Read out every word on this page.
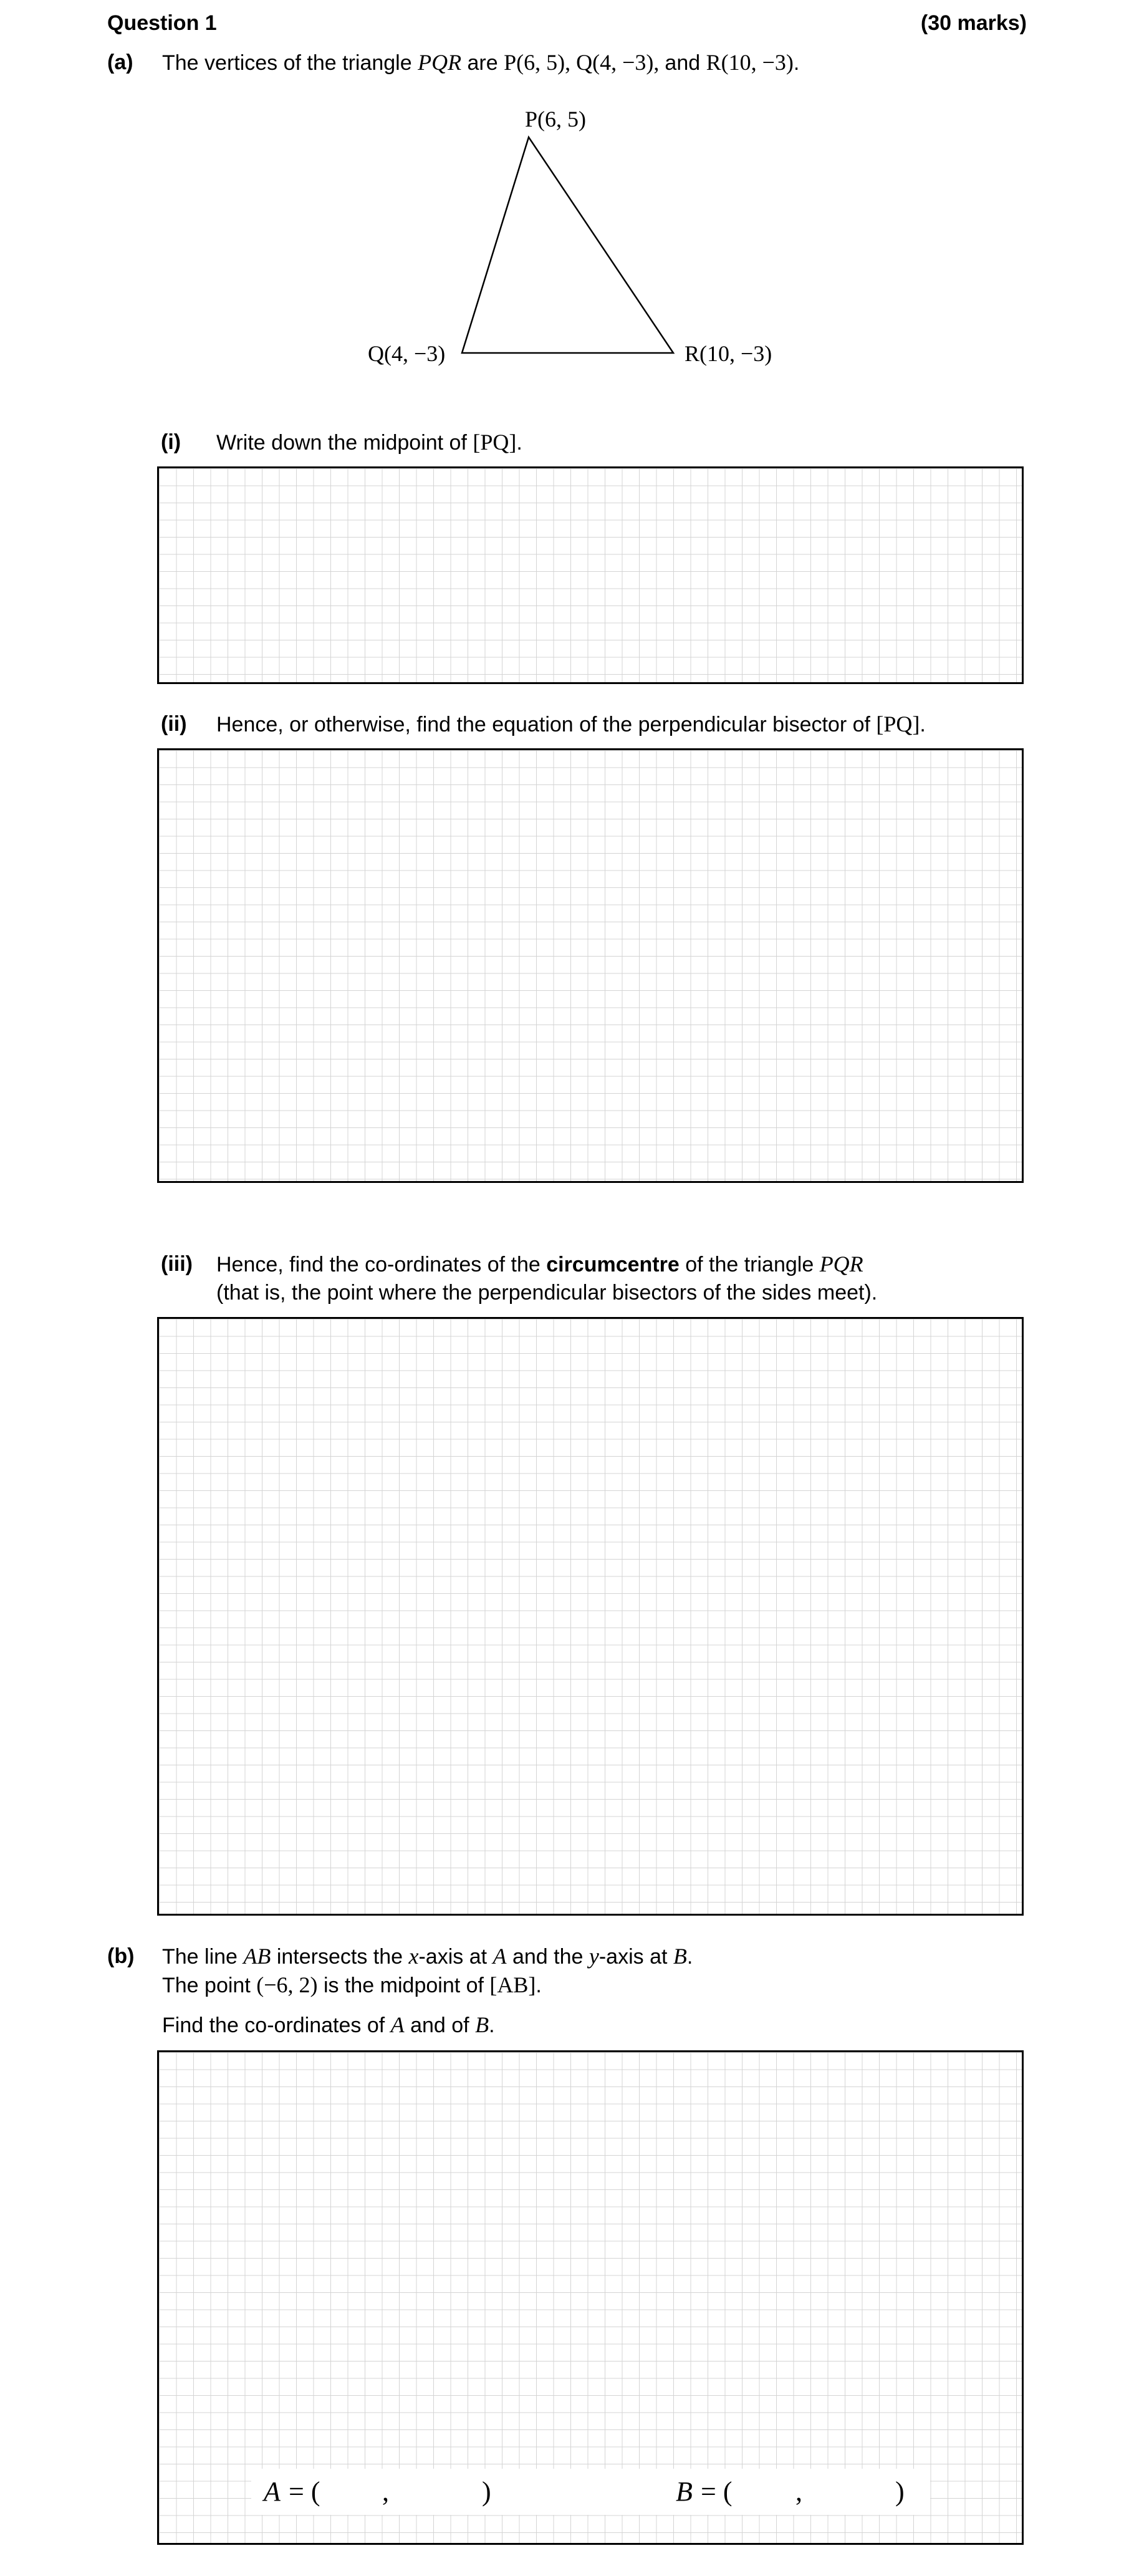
Question 1	(30 marks)
(a) The vertices of the triangle PQR are P(6, 5), Q(4, −3), and R(10, −3).
P(6, 5)
Q(4, −3)	R(10, −3)
(i) Write down the midpoint of [PQ].
(ii) Hence, or otherwise, find the equation of the perpendicular bisector of [PQ].
(iii) Hence, find the co-ordinates of the circumcentre of the triangle PQR
(that is, the point where the perpendicular bisectors of the sides meet).
(b) The line AB intersects the x-axis at A and the y-axis at B.
The point (−6, 2) is the midpoint of [AB].
Find the co-ordinates of A and of B.
A = ( ,	)	B = ( ,	)
